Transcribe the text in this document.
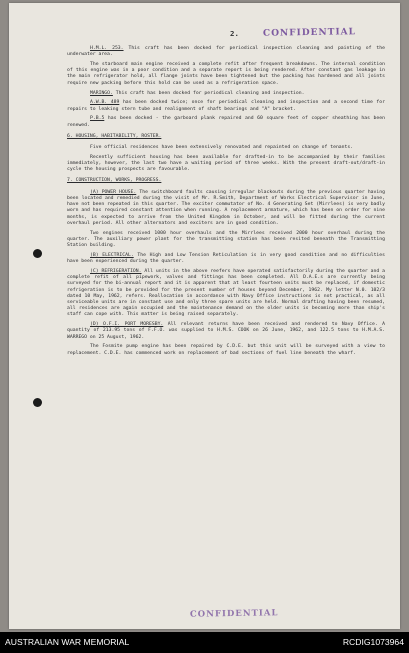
2.	CONFIDENTIAL

H.M.L. 253. This craft has been docked for periodical inspection cleaning and painting of the underwater area.

The starboard main engine received a complete refit after frequent breakdowns. The internal condition of this engine was in a poor condition and a separate report is being rendered. After constant gas leakage in the main refrigerator hold, all flange joints have been tightened but the packing has hardened and all joints require new packing before this hold can be used as a refrigeration space.

MARINGO. This craft has been docked for periodical cleaning and inspection.

A.W.B. 489 has been docked twice; once for periodical cleaning and inspection and a second time for repairs to leaking stern tube and realignment of shaft bearings and "A" bracket.

P.B.5 has been docked - the garboard plank repaired and 60 square feet of copper sheathing has been renewed.

6. HOUSING, HABITABILITY, ROSTER.

Five official residences have been extensively renovated and repainted on change of tenants.

Recently sufficient housing has been available for drafted-in to be accompanied by their families immediately, however, the last two have a waiting period of three weeks. With the present draft-out/draft-in cycle the housing prospects are favourable.

7. CONSTRUCTION, WORKS, PROGRESS.

(A) POWER HOUSE. The switchboard faults causing irregular blackouts during the previous quarter having been located and remedied during the visit of Mr. R.Smith, Department of Works Electrical Supervisor in June, have not been repeated in this quarter. The exciter commutator of No. 4 Generating Set (Mirrlees) is very badly worn and has required constant attention when running. A replacement armature, which has been on order for nine months, is expected to arrive from the United Kingdom in October, and will be fitted during the current overhaul period. All other alternators and exciters are in good condition.

Two engines received 1000 hour overhauls and the Mirrlees received 2000 hour overhaul during the quarter. The auxiliary power plant for the transmitting station has been resited beneath the Transmitting Station building.

(B) ELECTRICAL. The High and Low Tension Reticulation is in very good condition and no difficulties have been experienced during the quarter.

(C) REFRIGERATION. All units in the above reefers have operated satisfactorily during the quarter and a complete refit of all pipework, valves and fittings has been completed. All D.A.E.s are currently being surveyed for the bi-annual report and it is apparent that at least fourteen units must be replaced, if domestic refrigeration is to be provided for the present number of houses beyond December, 1962. My letter N.0. 102/3 dated 10 May, 1962, refers. Reallocation in accordance with Navy Office instructions is not practical, as all serviceable units are in constant use and only three spare units are held. Normal drafting having been resumed, all residences are again occupied and the maintenance demand on the older units is becoming more than ship's staff can cope with. This matter is being raised separately.

(D) O.F.I. PORT MORESBY. All relevant returns have been received and rendered to Navy Office. A quantity of 213.95 tons of F.F.O. was supplied to H.M.S. COOK on 26 June, 1962, and 122.5 tons to H.M.A.S. WARREGO on 25 August, 1962.

The Fosmite pump engine has been repaired by C.D.E. but this unit will be surveyed with a view to replacement. C.D.E. has commenced work on replacement of bad sections of fuel line beneath the wharf.

CONFIDENTIAL
AUSTRALIAN WAR MEMORIAL	RCDIG1073964
